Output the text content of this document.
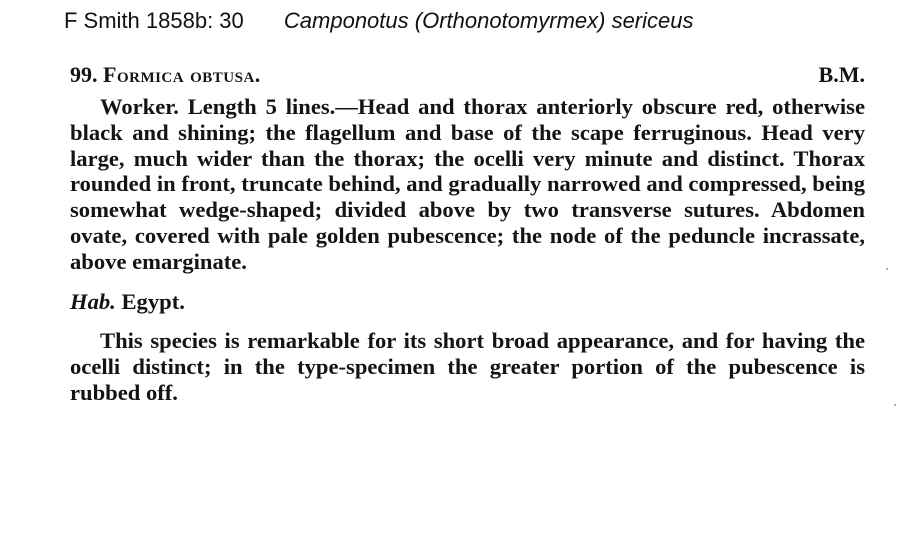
F Smith 1858b: 30 Camponotus (Orthonotomyrmex) sericeus
99. Formica obtusa.	B.M.
Worker. Length 5 lines.—Head and thorax anteriorly obscure red, otherwise black and shining; the flagellum and base of the scape ferruginous. Head very large, much wider than the thorax; the ocelli very minute and distinct. Thorax rounded in front, truncate behind, and gradually narrowed and compressed, being somewhat wedge-shaped; divided above by two transverse sutures. Abdomen ovate, covered with pale golden pubescence; the node of the peduncle incrassate, above emarginate.
Hab. Egypt.
This species is remarkable for its short broad appearance, and for having the ocelli distinct; in the type-specimen the greater portion of the pubescence is rubbed off.
